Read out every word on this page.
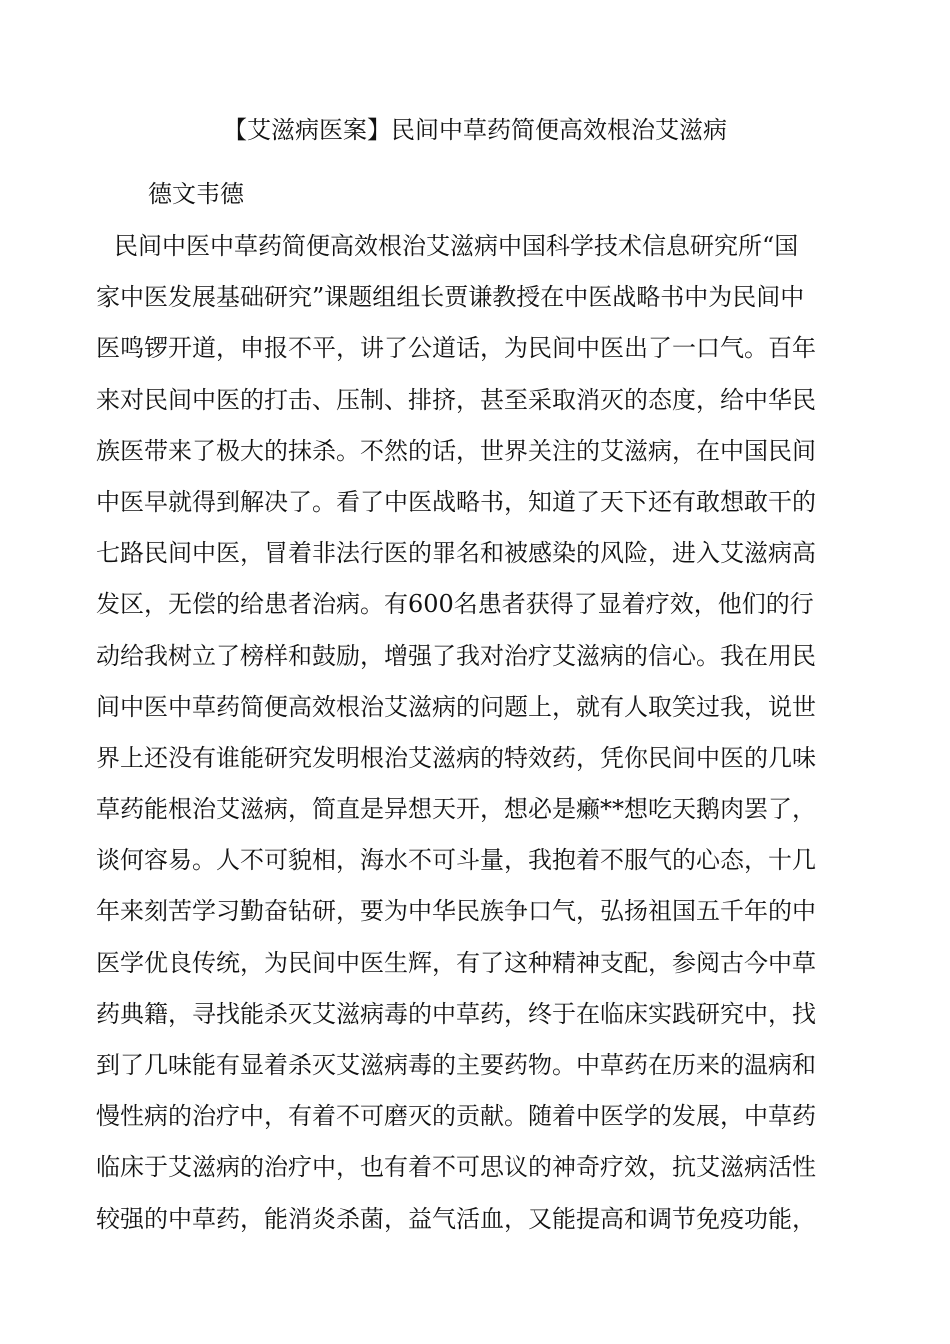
【艾滋病医案】民间中草药简便高效根治艾滋病
德文韦德
民间中医中草药简便高效根治艾滋病中国科学技术信息研究所“国
家中医发展基础研究”课题组组长贾谦教授在中医战略书中为民间中
医鸣锣开道，申报不平，讲了公道话，为民间中医出了一口气。百年
来对民间中医的打击、压制、排挤，甚至采取消灭的态度，给中华民
族医带来了极大的抹杀。不然的话，世界关注的艾滋病，在中国民间
中医早就得到解决了。看了中医战略书，知道了天下还有敢想敢干的
七路民间中医，冒着非法行医的罪名和被感染的风险，进入艾滋病高
发区，无偿的给患者治病。有600名患者获得了显着疗效，他们的行
动给我树立了榜样和鼓励，增强了我对治疗艾滋病的信心。我在用民
间中医中草药简便高效根治艾滋病的问题上，就有人取笑过我，说世
界上还没有谁能研究发明根治艾滋病的特效药，凭你民间中医的几味
草药能根治艾滋病，简直是异想天开，想必是癞**想吃天鹅肉罢了，
谈何容易。人不可貌相，海水不可斗量，我抱着不服气的心态，十几
年来刻苦学习勤奋钻研，要为中华民族争口气，弘扬祖国五千年的中
医学优良传统，为民间中医生辉，有了这种精神支配，参阅古今中草
药典籍，寻找能杀灭艾滋病毒的中草药，终于在临床实践研究中，找
到了几味能有显着杀灭艾滋病毒的主要药物。中草药在历来的温病和
慢性病的治疗中，有着不可磨灭的贡献。随着中医学的发展，中草药
临床于艾滋病的治疗中，也有着不可思议的神奇疗效，抗艾滋病活性
较强的中草药，能消炎杀菌，益气活血，又能提高和调节免疫功能，
